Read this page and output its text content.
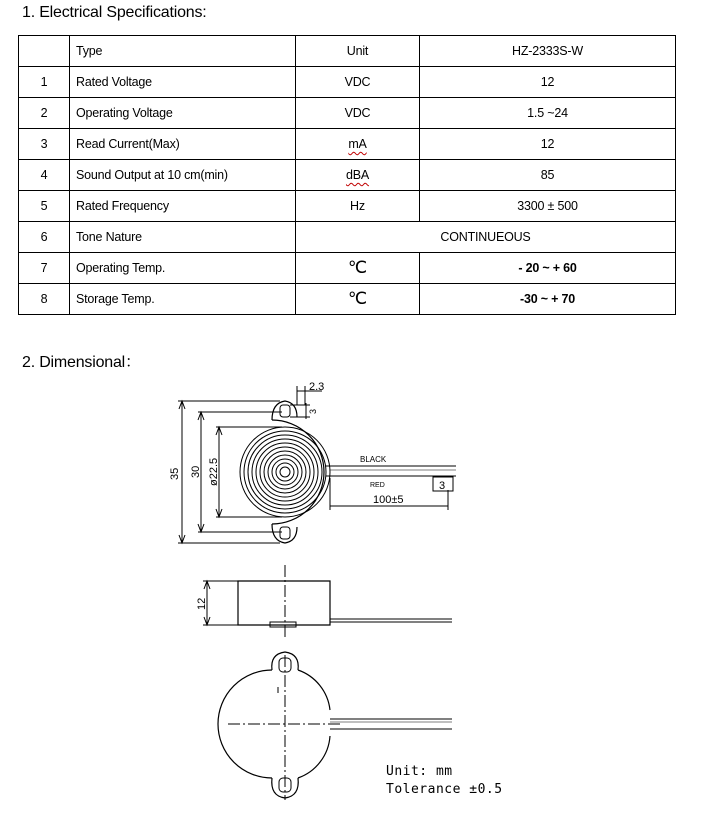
1. Electrical Specifications:
	Type	Unit	HZ-2333S-W
1	Rated Voltage	VDC	12
2	Operating Voltage	VDC	1.5 ~24
3	Read Current(Max)	mA	12
4	Sound Output at 10 cm(min)	dBA	85
5	Rated Frequency	Hz	3300 ± 500
6	Tone Nature	CONTINUEOUS	
7	Operating Temp.	℃	- 20 ~ + 60
8	Storage Temp.	℃	-30 ~ + 70
2. Dimensional：
BLACK
RED	3
100±5
2.3
3
35 30 ø22.5
12
Unit: mm
Tolerance ±0.5
